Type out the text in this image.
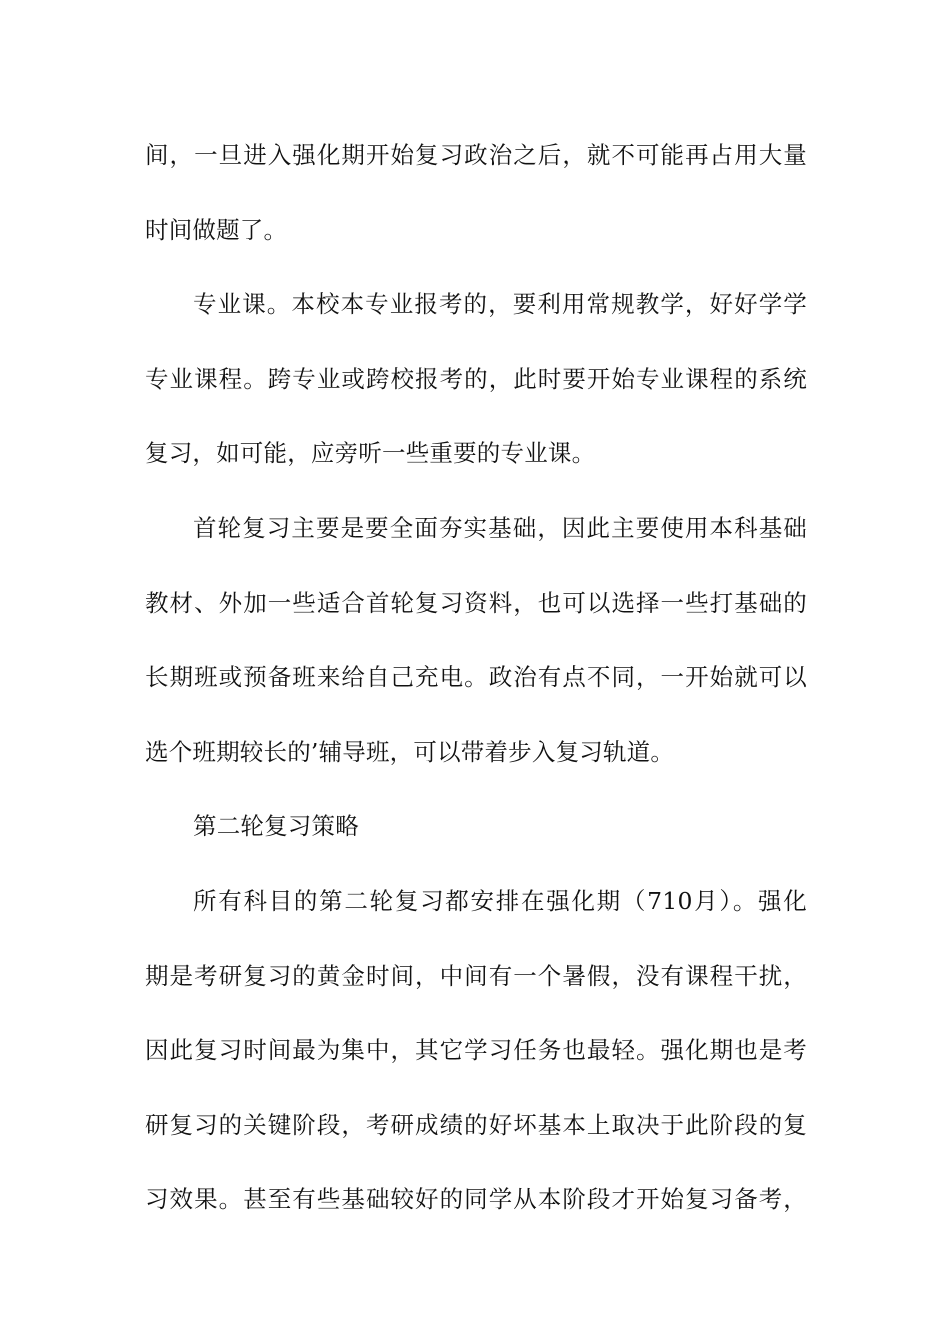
间，一旦进入强化期开始复习政治之后，就不可能再占用大量
时间做题了。
专业课。本校本专业报考的，要利用常规教学，好好学学
专业课程。跨专业或跨校报考的，此时要开始专业课程的系统
复习，如可能，应旁听一些重要的专业课。
首轮复习主要是要全面夯实基础，因此主要使用本科基础
教材、外加一些适合首轮复习资料，也可以选择一些打基础的
长期班或预备班来给自己充电。政治有点不同，一开始就可以
选个班期较长的’辅导班，可以带着步入复习轨道。
第二轮复习策略
所有科目的第二轮复习都安排在强化期（710月）。强化
期是考研复习的黄金时间，中间有一个暑假，没有课程干扰，
因此复习时间最为集中，其它学习任务也最轻。强化期也是考
研复习的关键阶段，考研成绩的好坏基本上取决于此阶段的复
习效果。甚至有些基础较好的同学从本阶段才开始复习备考，
